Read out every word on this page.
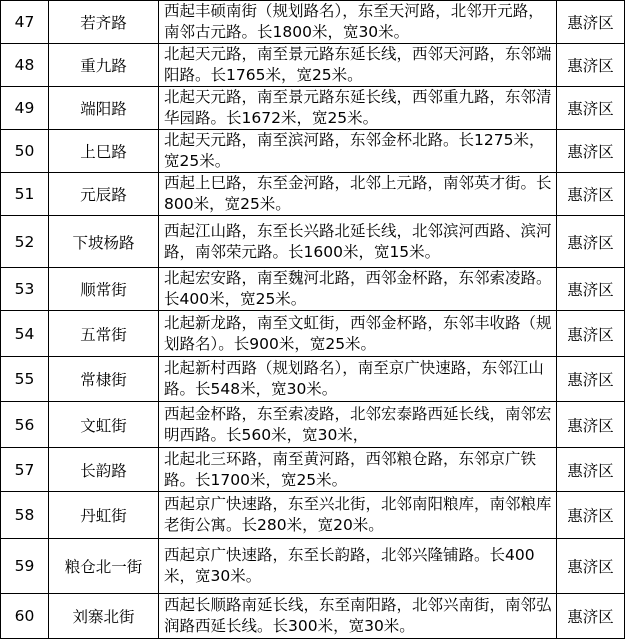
47	若齐路	西起丰硕南街（规划路名），东至天河路，北邻开元路，南邻古元路。长1800米，宽30米。	惠济区
48	重九路	北起天元路，南至景元路东延长线，西邻天河路，东邻端阳路。长1765米，宽25米。	惠济区
49	端阳路	北起天元路，南至景元路东延长线，西邻重九路，东邻清华园路。长1672米，宽25米。	惠济区
50	上巳路	北起天元路，南至滨河路，东邻金杯北路。长1275米，宽25米。	惠济区
51	元辰路	西起上巳路，东至金河路，北邻上元路，南邻英才街。长800米，宽25米。	惠济区
52	下坡杨路	西起江山路，东至长兴路北延长线，北邻滨河西路、滨河路，南邻荣元路。长1600米，宽15米。	惠济区
53	顺常街	北起宏安路，南至魏河北路，西邻金杯路，东邻索凌路。长400米，宽25米。	惠济区
54	五常街	北起新龙路，南至文虹街，西邻金杯路，东邻丰收路（规划路名）。长900米，宽25米。	惠济区
55	常棣街	北起新村西路（规划路名），南至京广快速路，东邻江山路。长548米，宽30米。	惠济区
56	文虹街	西起金杯路，东至索凌路，北邻宏泰路西延长线，南邻宏明西路。长560米，宽30米，	惠济区
57	长韵路	北起北三环路，南至黄河路，西邻粮仓路，东邻京广铁路。长1700米，宽25米。	惠济区
58	丹虹街	西起京广快速路，东至兴北街，北邻南阳粮库，南邻粮库老街公寓。长280米，宽20米。	惠济区
59	粮仓北一街	西起京广快速路，东至长韵路，北邻兴隆铺路。长400米，宽30米。	惠济区
60	刘寨北街	西起长顺路南延长线，东至南阳路，北邻兴南街，南邻弘润路西延长线。长300米，宽30米。	惠济区
